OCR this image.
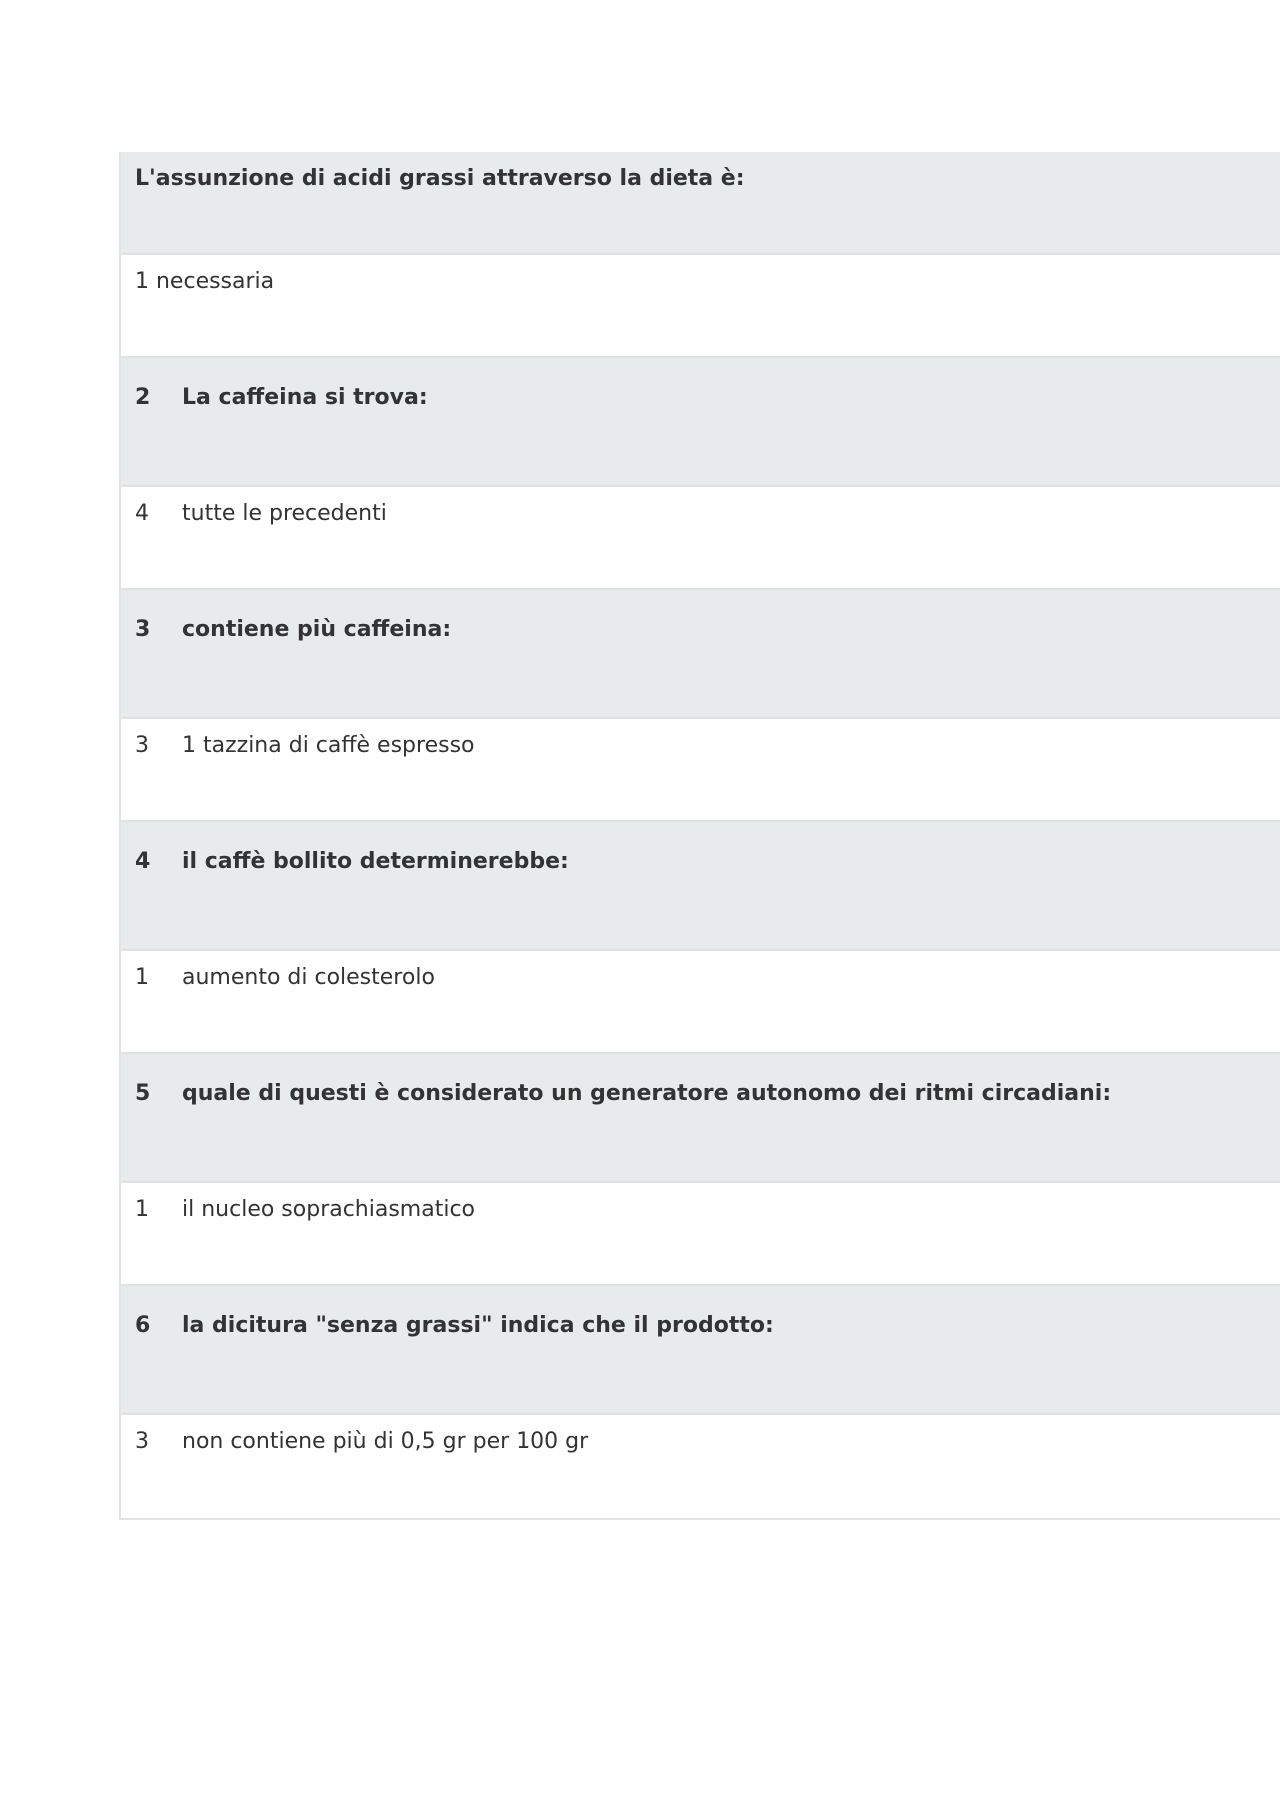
L'assunzione di acidi grassi attraverso la dieta è:
1 necessaria
2 La caffeina si trova:
4 tutte le precedenti
3 contiene più caffeina:
3 1 tazzina di caffè espresso
4 il caffè bollito determinerebbe:
1 aumento di colesterolo
5 quale di questi è considerato un generatore autonomo dei ritmi circadiani:
1 il nucleo soprachiasmatico
6 la dicitura "senza grassi" indica che il prodotto:
3 non contiene più di 0,5 gr per 100 gr
